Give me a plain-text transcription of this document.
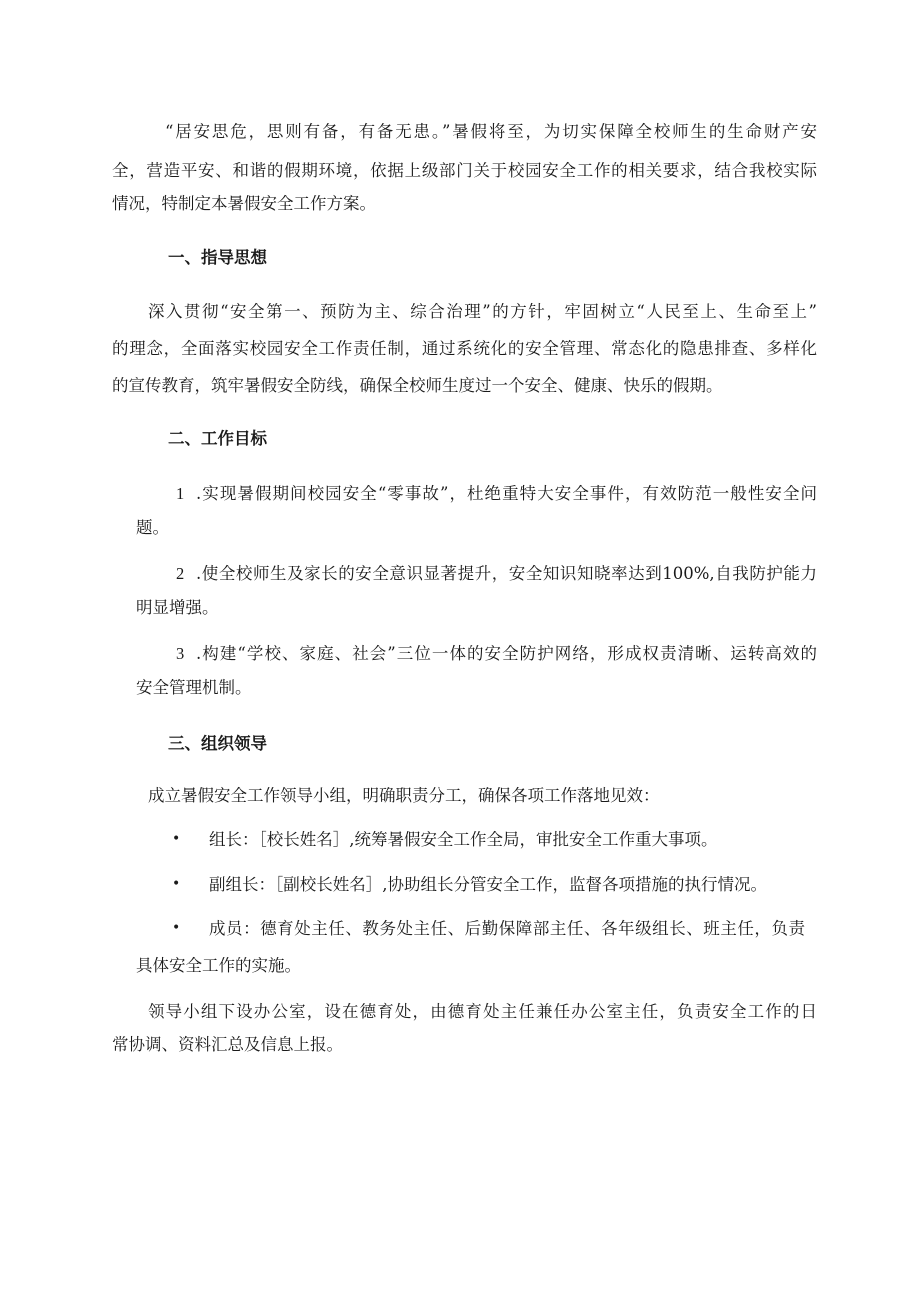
“居安思危，思则有备，有备无患。”暑假将至，为切实保障全校师生的生命财产安
全，营造平安、和谐的假期环境，依据上级部门关于校园安全工作的相关要求，结合我校实际
情况，特制定本暑假安全工作方案。
一、指导思想
深入贯彻“安全第一、预防为主、综合治理”的方针，牢固树立“人民至上、生命至上”
的理念，全面落实校园安全工作责任制，通过系统化的安全管理、常态化的隐患排查、多样化
的宣传教育，筑牢暑假安全防线，确保全校师生度过一个安全、健康、快乐的假期。
二、工作目标
1 .实现暑假期间校园安全“零事故”，杜绝重特大安全事件，有效防范一般性安全问
题。
2 .使全校师生及家长的安全意识显著提升，安全知识知晓率达到100%,自我防护能力
明显增强。
3 .构建“学校、家庭、社会”三位一体的安全防护网络，形成权责清晰、运转高效的
安全管理机制。
三、组织领导
成立暑假安全工作领导小组，明确职责分工，确保各项工作落地见效：
• 组长：［校长姓名］,统筹暑假安全工作全局，审批安全工作重大事项。
• 副组长：［副校长姓名］,协助组长分管安全工作，监督各项措施的执行情况。
• 成员：德育处主任、教务处主任、后勤保障部主任、各年级组长、班主任，负责
具体安全工作的实施。
领导小组下设办公室，设在德育处，由德育处主任兼任办公室主任，负责安全工作的日
常协调、资料汇总及信息上报。
